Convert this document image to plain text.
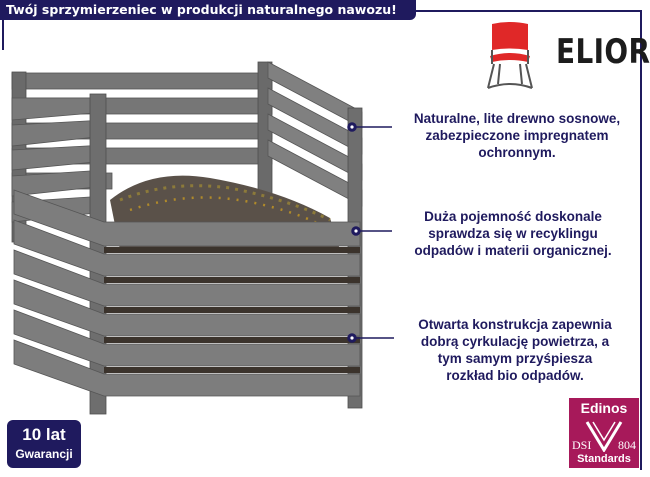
Twój sprzymierzeniec w produkcji naturalnego nawozu!
ELIOR
Naturalne, lite drewno sosnowe,
zabezpieczone impregnatem
ochronnym.
Duża pojemność doskonale
sprawdza się w recyklingu
odpadów i materii organicznej.
Otwarta konstrukcja zapewnia
dobrą cyrkulację powietrza, a
tym samym przyśpiesza
rozkład bio odpadów.
10 lat
Gwarancji
Edinos
DSI 804
Standards
